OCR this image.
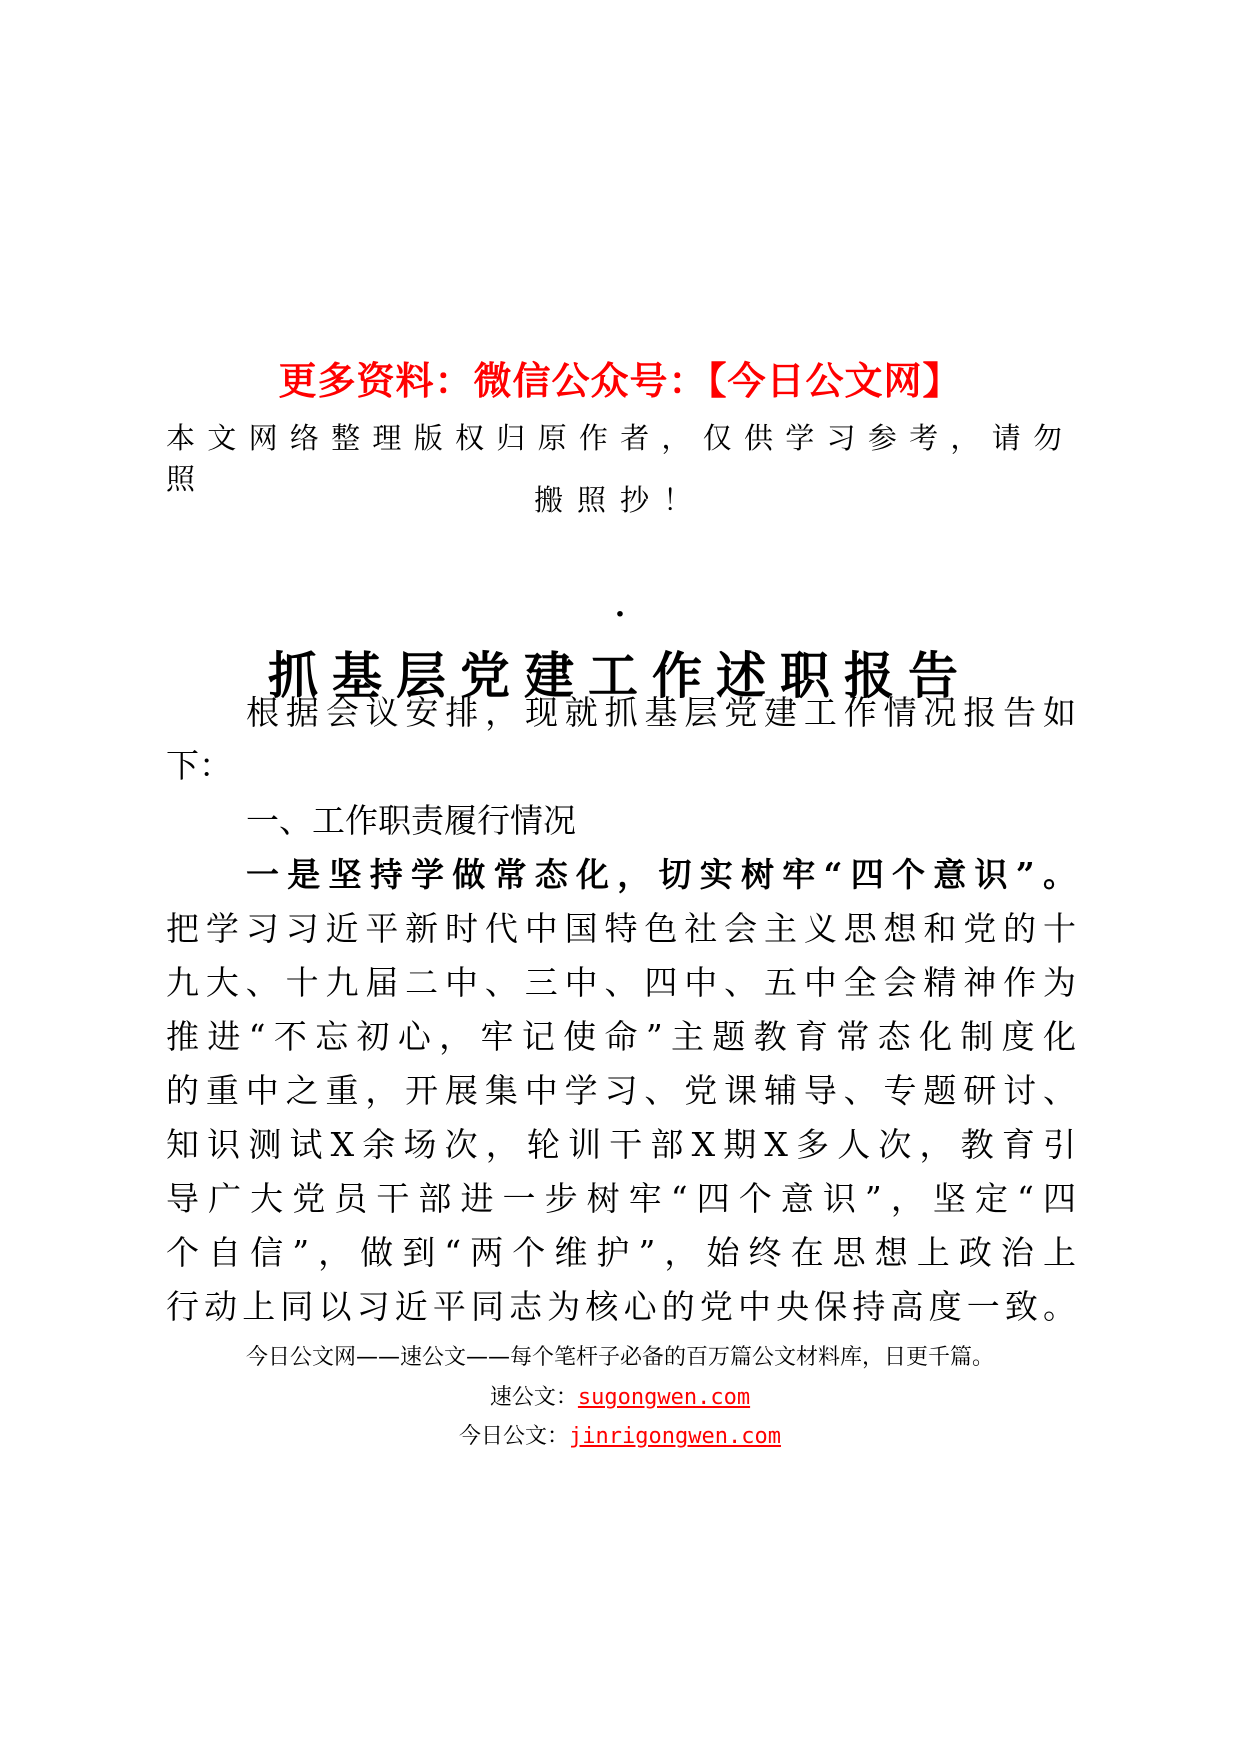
更多资料：微信公众号：【今日公文网】
本文网络整理版权归原作者，仅供学习参考，请勿照
搬照抄！
·
抓基层党建工作述职报告
根据会议安排，现就抓基层党建工作情况报告如
下：
一、工作职责履行情况
一是坚持学做常态化，切实树牢“四个意识”。
把学习习近平新时代中国特色社会主义思想和党的十
九大、十九届二中、三中、四中、五中全会精神作为
推进“不忘初心，牢记使命”主题教育常态化制度化
的重中之重，开展集中学习、党课辅导、专题研讨、
知识测试X余场次，轮训干部X期X多人次，教育引
导广大党员干部进一步树牢“四个意识”，坚定“四
个自信”，做到“两个维护”，始终在思想上政治上
行动上同以习近平同志为核心的党中央保持高度一致。
今日公文网——速公文——每个笔杆子必备的百万篇公文材料库，日更千篇。
速公文：sugongwen.com
今日公文：jinrigongwen.com
